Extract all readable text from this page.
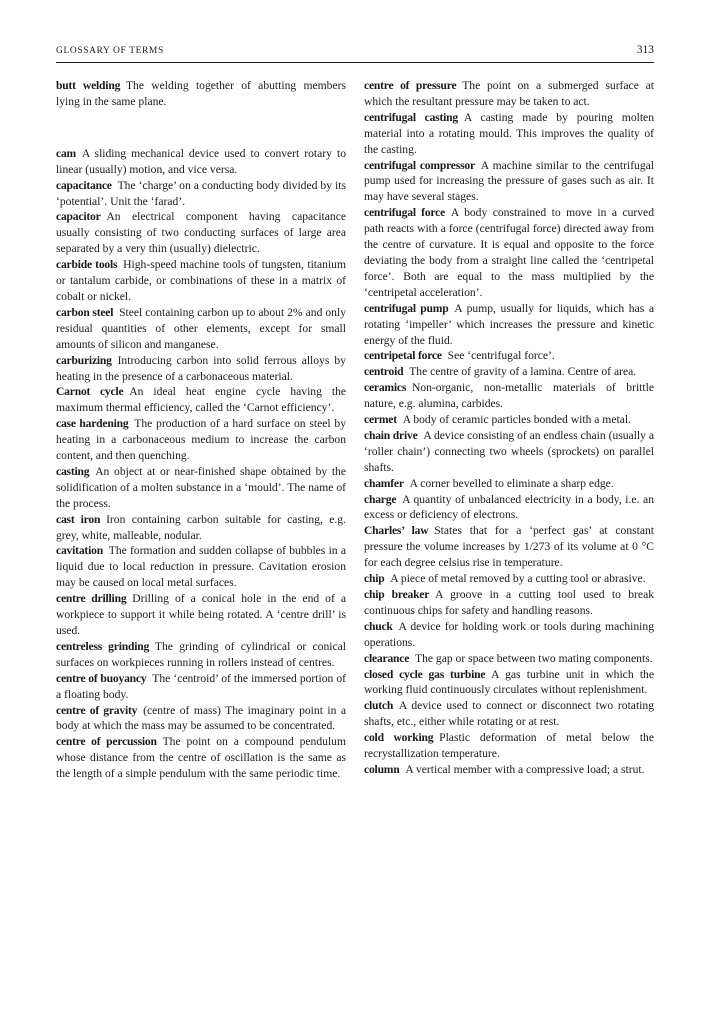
GLOSSARY OF TERMS	313

butt welding  The welding together of abutting members lying in the same plane.

cam  A sliding mechanical device used to convert rotary to linear (usually) motion, and vice versa.

capacitance  The ‘charge’ on a conducting body divided by its ‘potential’. Unit the ‘farad’.

capacitor  An electrical component having capacitance usually consisting of two conducting surfaces of large area separated by a very thin (usually) dielectric.

carbide tools  High-speed machine tools of tungsten, titanium or tantalum carbide, or combinations of these in a matrix of cobalt or nickel.

carbon steel  Steel containing carbon up to about 2% and only residual quantities of other elements, except for small amounts of silicon and manganese.

carburizing  Introducing carbon into solid ferrous alloys by heating in the presence of a carbonaceous material.

Carnot cycle  An ideal heat engine cycle having the maximum thermal efficiency, called the ‘Carnot efficiency’.

case hardening  The production of a hard surface on steel by heating in a carbonaceous medium to increase the carbon content, and then quenching.

casting  An object at or near-finished shape obtained by the solidification of a molten substance in a ‘mould’. The name of the process.

cast iron  Iron containing carbon suitable for casting, e.g. grey, white, malleable, nodular.

cavitation  The formation and sudden collapse of bubbles in a liquid due to local reduction in pressure. Cavitation erosion may be caused on local metal surfaces.

centre drilling  Drilling of a conical hole in the end of a workpiece to support it while being rotated. A ‘centre drill’ is used.

centreless grinding  The grinding of cylindrical or conical surfaces on workpieces running in rollers instead of centres.

centre of buoyancy  The ‘centroid’ of the immersed portion of a floating body.

centre of gravity  (centre of mass) The imaginary point in a body at which the mass may be assumed to be concentrated.

centre of percussion  The point on a compound pendulum whose distance from the centre of oscillation is the same as the length of a simple pendulum with the same periodic time.

centre of pressure  The point on a submerged surface at which the resultant pressure may be taken to act.

centrifugal casting  A casting made by pouring molten material into a rotating mould. This improves the quality of the casting.

centrifugal compressor  A machine similar to the centrifugal pump used for increasing the pressure of gases such as air. It may have several stages.

centrifugal force  A body constrained to move in a curved path reacts with a force (centrifugal force) directed away from the centre of curvature. It is equal and opposite to the force deviating the body from a straight line called the ‘centripetal force’. Both are equal to the mass multiplied by the ‘centripetal acceleration’.

centrifugal pump  A pump, usually for liquids, which has a rotating ‘impeller’ which increases the pressure and kinetic energy of the fluid.

centripetal force  See ‘centrifugal force’.

centroid  The centre of gravity of a lamina. Centre of area.

ceramics  Non-organic, non-metallic materials of brittle nature, e.g. alumina, carbides.

cermet  A body of ceramic particles bonded with a metal.

chain drive  A device consisting of an endless chain (usually a ‘roller chain’) connecting two wheels (sprockets) on parallel shafts.

chamfer  A corner bevelled to eliminate a sharp edge.

charge  A quantity of unbalanced electricity in a body, i.e. an excess or deficiency of electrons.

Charles’ law  States that for a ‘perfect gas’ at constant pressure the volume increases by 1/273 of its volume at 0 °C for each degree celsius rise in temperature.

chip  A piece of metal removed by a cutting tool or abrasive.

chip breaker  A groove in a cutting tool used to break continuous chips for safety and handling reasons.

chuck  A device for holding work or tools during machining operations.

clearance  The gap or space between two mating components.

closed cycle gas turbine  A gas turbine unit in which the working fluid continuously circulates without replenishment.

clutch  A device used to connect or disconnect two rotating shafts, etc., either while rotating or at rest.

cold working  Plastic deformation of metal below the recrystallization temperature.

column  A vertical member with a compressive load; a strut.
